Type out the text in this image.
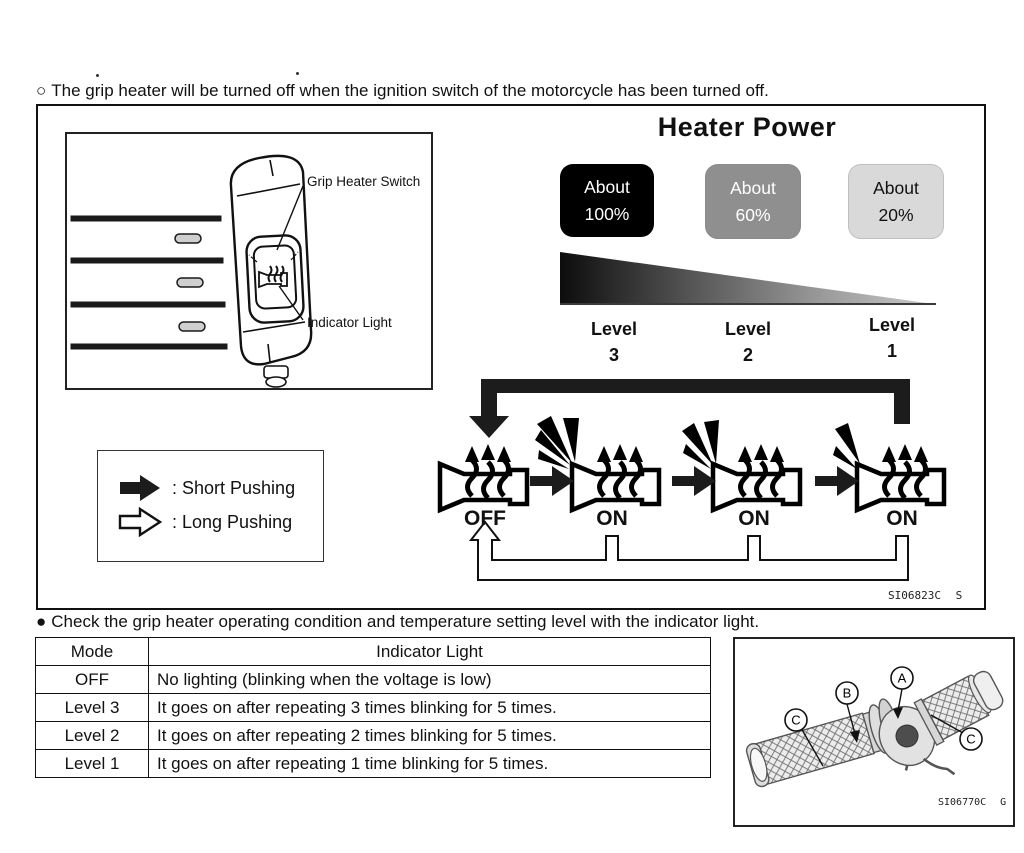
○ The grip heater will be turned off when the ignition switch of the motorcycle has been turned off.
Grip Heater Switch
Indicator Light
Heater Power
About
100%
About
60%
About
20%
Level
3
Level
2
Level
1
OFF	ON	ON	ON
: Short Pushing
: Long Pushing
SI06823C S
● Check the grip heater operating condition and temperature setting level with the indicator light.
Mode	Indicator Light
OFF	No lighting (blinking when the voltage is low)
Level 3	It goes on after repeating 3 times blinking for 5 times.
Level 2	It goes on after repeating 2 times blinking for 5 times.
Level 1	It goes on after repeating 1 time blinking for 5 times.
A
B
C
C
SI06770C G
